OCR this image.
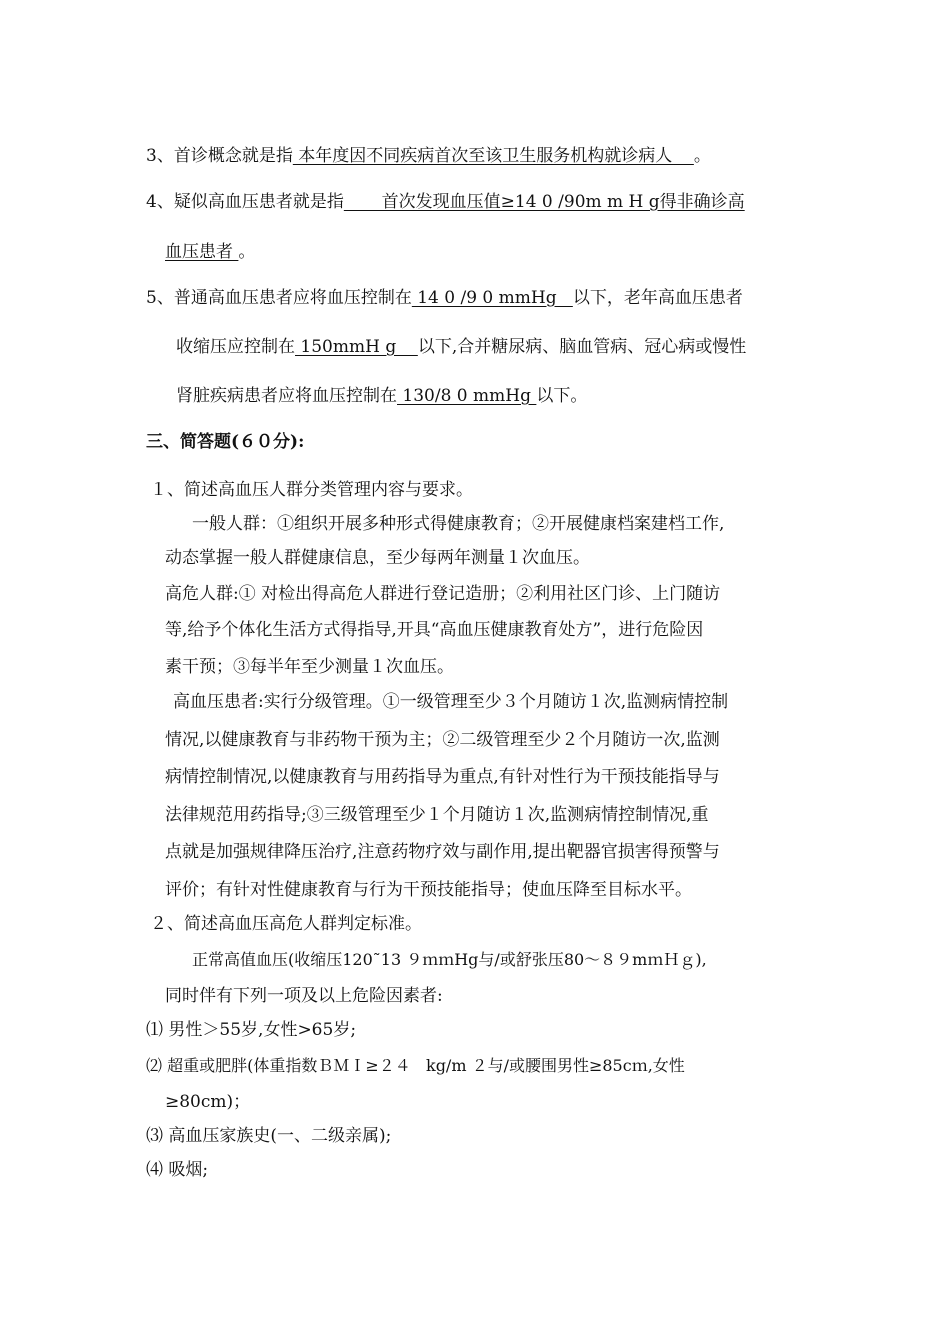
3、首诊概念就是指 本年度因不同疾病首次至该卫生服务机构就诊病人    。
4、疑似高血压患者就是指       首次发现血压值≥14 0 /90m m H g得非确诊高
血压患者 。
5、普通高血压患者应将血压控制在 14 0 /9 0 mmHg   以下，老年高血压患者
收缩压应控制在 150mmH g    以下,合并糖尿病、脑血管病、冠心病或慢性
肾脏疾病患者应将血压控制在 130/8 0 mmHg 以下。
三、简答题(６０分):
１、简述高血压人群分类管理内容与要求。
一般人群：①组织开展多种形式得健康教育；②开展健康档案建档工作,
动态掌握一般人群健康信息，至少每两年测量１次血压。
高危人群:① 对检出得高危人群进行登记造册；②利用社区门诊、上门随访
等,给予个体化生活方式得指导,开具“高血压健康教育处方”，进行危险因
素干预；③每半年至少测量１次血压。
高血压患者:实行分级管理。①一级管理至少３个月随访１次,监测病情控制
情况,以健康教育与非药物干预为主；②二级管理至少２个月随访一次,监测
病情控制情况,以健康教育与用药指导为重点,有针对性行为干预技能指导与
法律规范用药指导;③三级管理至少１个月随访１次,监测病情控制情况,重
点就是加强规律降压治疗,注意药物疗效与副作用,提出靶器官损害得预警与
评价；有针对性健康教育与行为干预技能指导；使血压降至目标水平。
２、简述高血压高危人群判定标准。
正常高值血压(收缩压120˜13 ９ｍｍHg与/或舒张压80～８９mｍＨｇ),
同时伴有下列一项及以上危险因素者:
⑴ 男性＞55岁,女性>65岁;
⑵ 超重或肥胖(体重指数ＢＭＩ≥２４   kg/m ２与/或腰围男性≥85cｍ,女性
≥80cm)；
⑶ 高血压家族史(一、二级亲属);
⑷ 吸烟;
